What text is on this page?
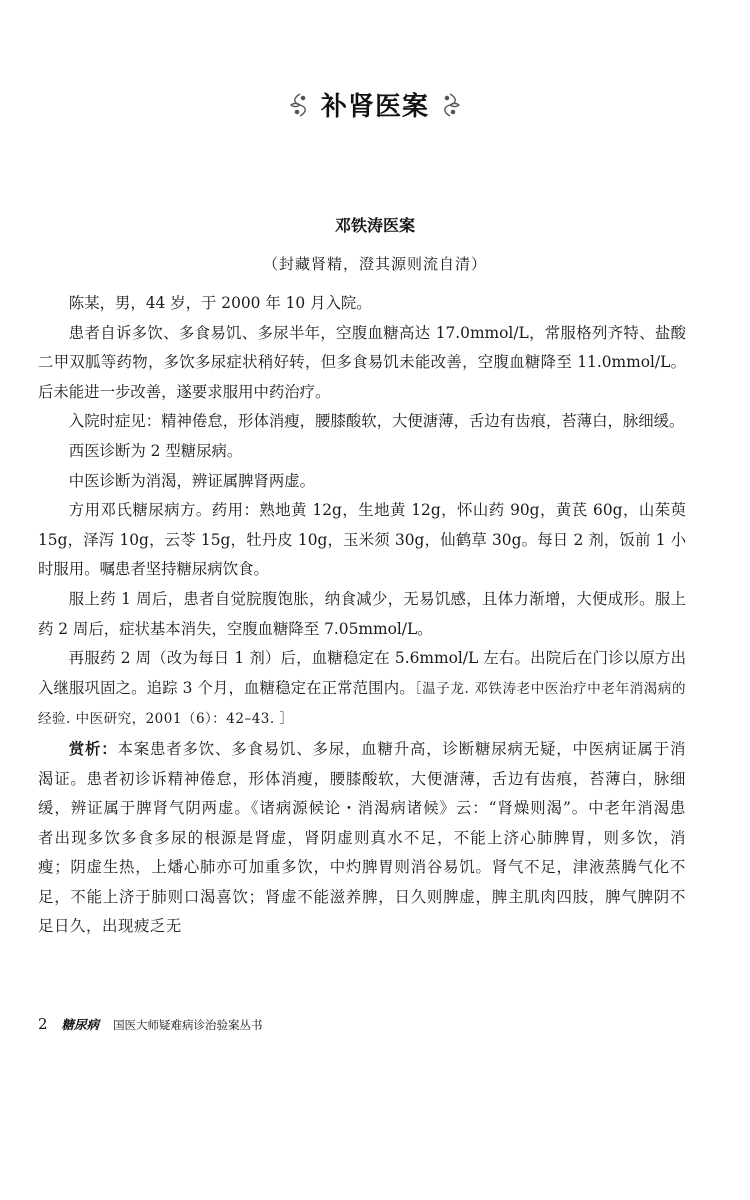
补肾医案
邓铁涛医案
（封藏肾精，澄其源则流自清）

陈某，男，44 岁，于 2000 年 10 月入院。

患者自诉多饮、多食易饥、多尿半年，空腹血糖高达 17.0mmol/L，常服格列齐特、盐酸二甲双胍等药物，多饮多尿症状稍好转，但多食易饥未能改善，空腹血糖降至 11.0mmol/L。后未能进一步改善，遂要求服用中药治疗。

入院时症见：精神倦怠，形体消瘦，腰膝酸软，大便溏薄，舌边有齿痕，苔薄白，脉细缓。

西医诊断为 2 型糖尿病。

中医诊断为消渴，辨证属脾肾两虚。

方用邓氏糖尿病方。药用：熟地黄 12g，生地黄 12g，怀山药 90g，黄芪 60g，山茱萸 15g，泽泻 10g，云苓 15g，牡丹皮 10g，玉米须 30g，仙鹤草 30g。每日 2 剂，饭前 1 小时服用。嘱患者坚持糖尿病饮食。

服上药 1 周后，患者自觉脘腹饱胀，纳食减少，无易饥感，且体力渐增，大便成形。服上药 2 周后，症状基本消失，空腹血糖降至 7.05mmol/L。

再服药 2 周（改为每日 1 剂）后，血糖稳定在 5.6mmol/L 左右。出院后在门诊以原方出入继服巩固之。追踪 3 个月，血糖稳定在正常范围内。［温子龙. 邓铁涛老中医治疗中老年消渴病的经验. 中医研究，2001（6）：42–43. ］

赏析：本案患者多饮、多食易饥、多尿，血糖升高，诊断糖尿病无疑，中医病证属于消渴证。患者初诊诉精神倦怠，形体消瘦，腰膝酸软，大便溏薄，舌边有齿痕，苔薄白，脉细缓，辨证属于脾肾气阴两虚。《诸病源候论・消渴病诸候》云：“肾燥则渴”。中老年消渴患者出现多饮多食多尿的根源是肾虚，肾阴虚则真水不足，不能上济心肺脾胃，则多饮，消瘦；阴虚生热，上燔心肺亦可加重多饮，中灼脾胃则消谷易饥。肾气不足，津液蒸腾气化不足，不能上济于肺则口渴喜饮；肾虚不能滋养脾，日久则脾虚，脾主肌肉四肢，脾气脾阴不足日久，出现疲乏无

2 糖尿病 国医大师疑难病诊治验案丛书
